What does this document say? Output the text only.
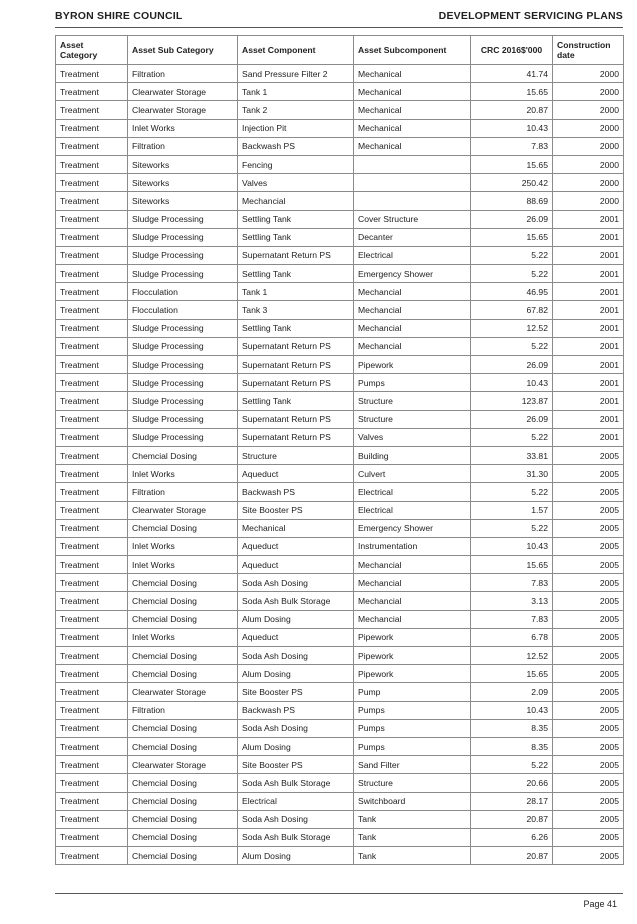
BYRON SHIRE COUNCIL	DEVELOPMENT SERVICING PLANS
Asset Category	Asset Sub Category	Asset Component	Asset Subcomponent	CRC 2016$'000	Construction date
Treatment	Filtration	Sand Pressure Filter 2	Mechanical	41.74	2000
Treatment	Clearwater Storage	Tank 1	Mechanical	15.65	2000
Treatment	Clearwater Storage	Tank 2	Mechanical	20.87	2000
Treatment	Inlet Works	Injection Pit	Mechanical	10.43	2000
Treatment	Filtration	Backwash PS	Mechanical	7.83	2000
Treatment	Siteworks	Fencing		15.65	2000
Treatment	Siteworks	Valves		250.42	2000
Treatment	Siteworks	Mechancial		88.69	2000
Treatment	Sludge Processing	Settling Tank	Cover Structure	26.09	2001
Treatment	Sludge Processing	Settling Tank	Decanter	15.65	2001
Treatment	Sludge Processing	Supernatant Return PS	Electrical	5.22	2001
Treatment	Sludge Processing	Settling Tank	Emergency Shower	5.22	2001
Treatment	Flocculation	Tank 1	Mechancial	46.95	2001
Treatment	Flocculation	Tank 3	Mechancial	67.82	2001
Treatment	Sludge Processing	Settling Tank	Mechancial	12.52	2001
Treatment	Sludge Processing	Supernatant Return PS	Mechancial	5.22	2001
Treatment	Sludge Processing	Supernatant Return PS	Pipework	26.09	2001
Treatment	Sludge Processing	Supernatant Return PS	Pumps	10.43	2001
Treatment	Sludge Processing	Settling Tank	Structure	123.87	2001
Treatment	Sludge Processing	Supernatant Return PS	Structure	26.09	2001
Treatment	Sludge Processing	Supernatant Return PS	Valves	5.22	2001
Treatment	Chemcial Dosing	Structure	Building	33.81	2005
Treatment	Inlet Works	Aqueduct	Culvert	31.30	2005
Treatment	Filtration	Backwash PS	Electrical	5.22	2005
Treatment	Clearwater Storage	Site Booster PS	Electrical	1.57	2005
Treatment	Chemcial Dosing	Mechanical	Emergency Shower	5.22	2005
Treatment	Inlet Works	Aqueduct	Instrumentation	10.43	2005
Treatment	Inlet Works	Aqueduct	Mechancial	15.65	2005
Treatment	Chemcial Dosing	Soda Ash Dosing	Mechancial	7.83	2005
Treatment	Chemcial Dosing	Soda Ash Bulk Storage	Mechancial	3.13	2005
Treatment	Chemcial Dosing	Alum Dosing	Mechancial	7.83	2005
Treatment	Inlet Works	Aqueduct	Pipework	6.78	2005
Treatment	Chemcial Dosing	Soda Ash Dosing	Pipework	12.52	2005
Treatment	Chemcial Dosing	Alum Dosing	Pipework	15.65	2005
Treatment	Clearwater Storage	Site Booster PS	Pump	2.09	2005
Treatment	Filtration	Backwash PS	Pumps	10.43	2005
Treatment	Chemcial Dosing	Soda Ash Dosing	Pumps	8.35	2005
Treatment	Chemcial Dosing	Alum Dosing	Pumps	8.35	2005
Treatment	Clearwater Storage	Site Booster PS	Sand Filter	5.22	2005
Treatment	Chemcial Dosing	Soda Ash Bulk Storage	Structure	20.66	2005
Treatment	Chemcial Dosing	Electrical	Switchboard	28.17	2005
Treatment	Chemcial Dosing	Soda Ash Dosing	Tank	20.87	2005
Treatment	Chemcial Dosing	Soda Ash Bulk Storage	Tank	6.26	2005
Treatment	Chemcial Dosing	Alum Dosing	Tank	20.87	2005
Page 41
